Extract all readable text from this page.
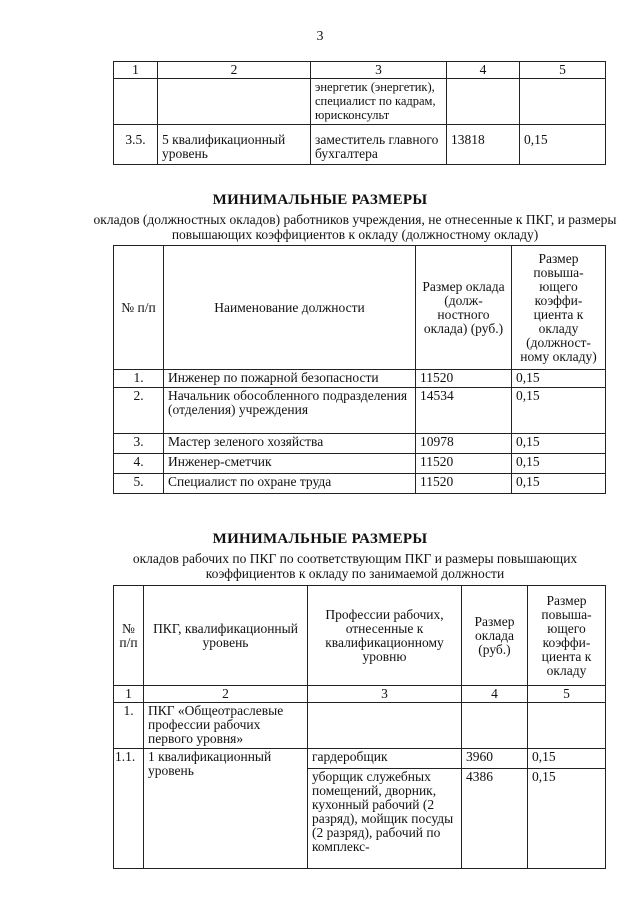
3
1	2	3	4	5
		энергетик (энергетик), специалист по кадрам, юрисконсульт		
3.5.	5 квалификационный уровень	заместитель главного бухгалтера	13818	0,15
МИНИМАЛЬНЫЕ РАЗМЕРЫ
окладов (должностных окладов) работников учреждения, не отнесенные к ПКГ, и размеры повышающих коэффициентов к окладу (должностному окладу)
№ п/п	Наименование должности	Размер оклада (долж-ностного оклада) (руб.)	Размер повыша-ющего коэффи-циента к окладу (должност-ному окладу)
1.	Инженер по пожарной безопасности	11520	0,15
2.	Начальник обособленного подразделения (отделения) учреждения	14534	0,15
3.	Мастер зеленого хозяйства	10978	0,15
4.	Инженер-сметчик	11520	0,15
5.	Специалист по охране труда	11520	0,15
МИНИМАЛЬНЫЕ РАЗМЕРЫ
окладов рабочих по ПКГ по соответствующим ПКГ и размеры повышающих коэффициентов к окладу по занимаемой должности
№ п/п	ПКГ, квалификационный уровень	Профессии рабочих, отнесенные к квалификационному уровню	Размер оклада (руб.)	Размер повыша-ющего коэффи-циента к окладу
1	2	3	4	5
1.	ПКГ «Общеотраслевые профессии рабочих первого уровня»			
1.1.	1 квалификационный уровень	гардеробщик	3960	0,15
		уборщик служебных помещений, дворник, кухонный рабочий (2 разряд), мойщик посуды (2 разряд), рабочий по комплекс-	4386	0,15
